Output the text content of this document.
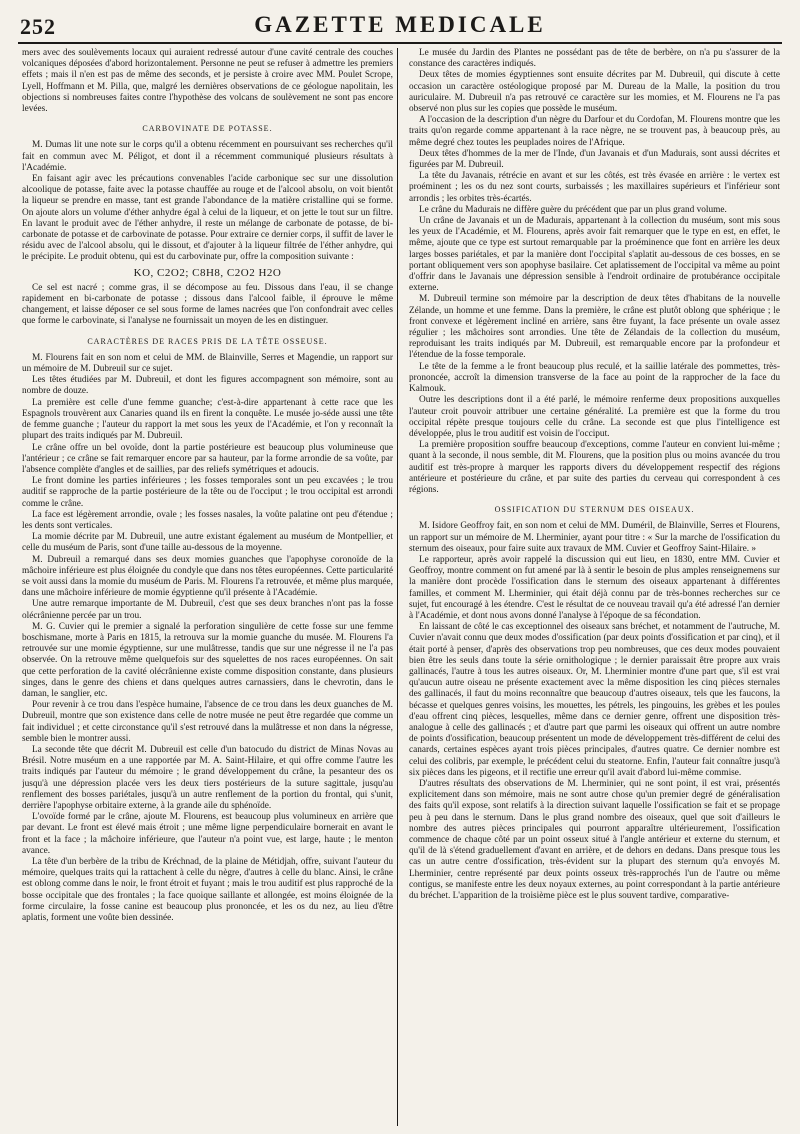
252	GAZETTE MEDICALE

mers avec des soulèvements locaux qui auraient redressé autour d'une cavité centrale des couches volcaniques déposées d'abord horizontalement. Personne ne peut se refuser à admettre les premiers effets ; mais il n'en est pas de même des seconds, et je persiste à croire avec MM. Poulet Scrope, Lyell, Hoffmann et M. Pilla, que, malgré les dernières observations de ce géologue napolitain, les objections si nombreuses faites contre l'hypothèse des volcans de soulèvement ne sont pas encore levées.

CARBOVINATE DE POTASSE.

M. Dumas lit une note sur le corps qu'il a obtenu récemment en poursuivant ses recherches qu'il fait en commun avec M. Péligot, et dont il a récemment communiqué plusieurs résultats à l'Académie.

En faisant agir avec les précautions convenables l'acide carbonique sec sur une dissolution alcoolique de potasse, faite avec la potasse chauffée au rouge et de l'alcool absolu, on voit bientôt la liqueur se prendre en masse, tant est grande l'abondance de la matière cristalline qui se forme. On ajoute alors un volume d'éther anhydre égal à celui de la liqueur, et on jette le tout sur un filtre. En lavant le produit avec de l'éther anhydre, il reste un mélange de carbonate de potasse, de bi-carbonate de potasse et de carbovinate de potasse. Pour extraire ce dernier corps, il suffit de laver le résidu avec de l'alcool absolu, qui le dissout, et d'ajouter à la liqueur filtrée de l'éther anhydre, qui le précipite. Le produit obtenu, qui est du carbovinate pur, offre la composition suivante :

KO, C2O2; C8H8, C2O2 H2O

Ce sel est nacré ; comme gras, il se décompose au feu. Dissous dans l'eau, il se change rapidement en bi-carbonate de potasse ; dissous dans l'alcool faible, il éprouve le même changement, et laisse déposer ce sel sous forme de lames nacrées que l'on confondrait avec celles que forme le carbovinate, si l'analyse ne fournissait un moyen de les en distinguer.

CARACTÈRES DE RACES PRIS DE LA TÊTE OSSEUSE.

M. Flourens fait en son nom et celui de MM. de Blainville, Serres et Magendie, un rapport sur un mémoire de M. Dubreuil sur ce sujet.

Les têtes étudiées par M. Dubreuil, et dont les figures accompagnent son mémoire, sont au nombre de douze.

La première est celle d'une femme guanche; c'est-à-dire appartenant à cette race que les Espagnols trouvèrent aux Canaries quand ils en firent la conquête. Le musée jo-séde aussi une tête de femme guanche ; l'auteur du rapport la met sous les yeux de l'Académie, et l'on y reconnaît la plupart des traits indiqués par M. Dubreuil.

Le crâne offre un bel ovoïde, dont la partie postérieure est beaucoup plus volumineuse que l'antérieur ; ce crâne se fait remarquer encore par sa hauteur, par la forme arrondie de sa voûte, par l'absence complète d'angles et de saillies, par des reliefs symétriques et adoucis.

Le front domine les parties inférieures ; les fosses temporales sont un peu excavées ; le trou auditif se rapproche de la partie postérieure de la tête ou de l'occiput ; le trou occipital est arrondi comme le crâne.

La face est légèrement arrondie, ovale ; les fosses nasales, la voûte palatine ont peu d'étendue ; les dents sont verticales.

La momie décrite par M. Dubreuil, une autre existant également au muséum de Montpellier, et celle du muséum de Paris, sont d'une taille au-dessous de la moyenne.

M. Dubreuil a remarqué dans ses deux momies guanches que l'apophyse coronoïde de la mâchoire inférieure est plus éloignée du condyle que dans nos têtes européennes. Cette particularité se voit aussi dans la momie du muséum de Paris. M. Flourens l'a retrouvée, et même plus marquée, dans une mâchoire inférieure de momie égyptienne qu'il présente à l'Académie.

Une autre remarque importante de M. Dubreuil, c'est que ses deux branches n'ont pas la fosse olécrânienne percée par un trou.

M. G. Cuvier qui le premier a signalé la perforation singulière de cette fosse sur une femme boschismane, morte à Paris en 1815, la retrouva sur la momie guanche du musée. M. Flourens l'a retrouvée sur une momie égyptienne, sur une mulâtresse, tandis que sur une négresse il ne l'a pas observée. On la retrouve même quelquefois sur des squelettes de nos races européennes. On sait que cette perforation de la cavité olécrânienne existe comme disposition constante, dans plusieurs singes, dans le genre des chiens et dans quelques autres carnassiers, dans le chevrotin, dans le daman, le sanglier, etc.

Pour revenir à ce trou dans l'espèce humaine, l'absence de ce trou dans les deux guanches de M. Dubreuil, montre que son existence dans celle de notre musée ne peut être regardée que comme un fait individuel ; et cette circonstance qu'il s'est retrouvé dans la mulâtresse et non dans la négresse, semble bien le montrer aussi.

La seconde tête que décrit M. Dubreuil est celle d'un batocudo du district de Minas Novas au Brésil. Notre muséum en a une rapportée par M. A. Saint-Hilaire, et qui offre comme l'autre les traits indiqués par l'auteur du mémoire ; le grand développement du crâne, la pesanteur des os jusqu'à une dépression placée vers les deux tiers postérieurs de la suture sagittale, jusqu'au renflement des bosses pariétales, jusqu'à un autre renflement de la portion du frontal, qui s'unit, derrière l'apophyse orbitaire externe, à la grande aile du sphénoïde.

L'ovoïde formé par le crâne, ajoute M. Flourens, est beaucoup plus volumineux en arrière que par devant. Le front est élevé mais étroit ; une même ligne perpendiculaire bornerait en avant le front et la face ; la mâchoire inférieure, que l'auteur n'a point vue, est large, haute ; le menton avance.

La tête d'un berbère de la tribu de Kréchnad, de la plaine de Métidjah, offre, suivant l'auteur du mémoire, quelques traits qui la rattachent à celle du nègre, d'autres à celle du blanc. Ainsi, le crâne est oblong comme dans le noir, le front étroit et fuyant ; mais le trou auditif est plus rapproché de la bosse occipitale que des frontales ; la face quoique saillante et allongée, est moins éloignée de la forme circulaire, la fosse canine est beaucoup plus prononcée, et les os du nez, au lieu d'être aplatis, forment une voûte bien dessinée.

Le musée du Jardin des Plantes ne possédant pas de tête de berbère, on n'a pu s'assurer de la constance des caractères indiqués.

Deux têtes de momies égyptiennes sont ensuite décrites par M. Dubreuil, qui discute à cette occasion un caractère ostéologique proposé par M. Dureau de la Malle, la position du trou auriculaire. M. Dubreuil n'a pas retrouvé ce caractère sur les momies, et M. Flourens ne l'a pas observé non plus sur les copies que possède le muséum.

A l'occasion de la description d'un nègre du Darfour et du Cordofan, M. Flourens montre que les traits qu'on regarde comme appartenant à la race nègre, ne se trouvent pas, à beaucoup près, au même degré chez toutes les peuplades noires de l'Afrique.

Deux têtes d'hommes de la mer de l'Inde, d'un Javanais et d'un Madurais, sont aussi décrites et figurées par M. Dubreuil.

La tête du Javanais, rétrécie en avant et sur les côtés, est très évasée en arrière : le vertex est proéminent ; les os du nez sont courts, surbaissés ; les maxillaires supérieurs et l'inférieur sont arrondis ; les orbites très-écartés.

Le crâne du Madurais ne diffère guère du précédent que par un plus grand volume.

Un crâne de Javanais et un de Madurais, appartenant à la collection du muséum, sont mis sous les yeux de l'Académie, et M. Flourens, après avoir fait remarquer que le type en est, en effet, le même, ajoute que ce type est surtout remarquable par la proéminence que font en arrière les deux larges bosses pariétales, et par la manière dont l'occipital s'aplatit au-dessous de ces bosses, en se portant obliquement vers son apophyse basilaire. Cet aplatissement de l'occipital va même au point d'offrir dans le Javanais une dépression sensible à l'endroit ordinaire de protubérance occipitale externe.

M. Dubreuil termine son mémoire par la description de deux têtes d'habitans de la nouvelle Zélande, un homme et une femme. Dans la première, le crâne est plutôt oblong que sphérique ; le front convexe et légèrement incliné en arrière, sans être fuyant, la face présente un ovale assez régulier ; les mâchoires sont arrondies. Une tête de Zélandais de la collection du muséum, reproduisant les traits indiqués par M. Dubreuil, est remarquable encore par la profondeur et l'étendue de la fosse temporale.

Le tête de la femme a le front beaucoup plus reculé, et la saillie latérale des pommettes, très-prononcée, accroît la dimension transverse de la face au point de la rapprocher de la face du Kalmouk.

Outre les descriptions dont il a été parlé, le mémoire renferme deux propositions auxquelles l'auteur croit pouvoir attribuer une certaine généralité. La première est que la forme du trou occipital répète presque toujours celle du crâne. La seconde est que plus l'intelligence est développée, plus le trou auditif est voisin de l'occiput.

La première proposition souffre beaucoup d'exceptions, comme l'auteur en convient lui-même ; quant à la seconde, il nous semble, dit M. Flourens, que la position plus ou moins avancée du trou auditif est très-propre à marquer les rapports divers du développement respectif des régions antérieure et postérieure du crâne, et par suite des parties du cerveau qui correspondent à ces régions.

OSSIFICATION DU STERNUM DES OISEAUX.

M. Isidore Geoffroy fait, en son nom et celui de MM. Duméril, de Blainville, Serres et Flourens, un rapport sur un mémoire de M. Lherminier, ayant pour titre : « Sur la marche de l'ossification du sternum des oiseaux, pour faire suite aux travaux de MM. Cuvier et Geoffroy Saint-Hilaire. »

Le rapporteur, après avoir rappelé la discussion qui eut lieu, en 1830, entre MM. Cuvier et Geoffroy, montre comment on fut amené par là à sentir le besoin de plus amples renseignemens sur la manière dont procède l'ossification dans le sternum des oiseaux appartenant à différentes familles, et comment M. Lherminier, qui était déjà connu par de très-bonnes recherches sur ce sujet, fut encouragé à les étendre. C'est le résultat de ce nouveau travail qu'a été adressé l'an dernier à l'Académie, et dont nous avons donné l'analyse à l'époque de sa fécondation.

En laissant de côté le cas exceptionnel des oiseaux sans bréchet, et notamment de l'autruche, M. Cuvier n'avait connu que deux modes d'ossification (par deux points d'ossification et par cinq), et il était porté à penser, d'après des observations trop peu nombreuses, que ces deux modes pouvaient bien être les seuls dans toute la série ornithologique ; le dernier paraissait être propre aux vrais gallinacés, l'autre à tous les autres oiseaux. Or, M. Lherminier montre d'une part que, s'il est vrai qu'aucun autre oiseau ne présente exactement avec la même disposition les cinq pièces sternales des gallinacés, il faut du moins reconnaître que beaucoup d'autres oiseaux, tels que les faucons, la bécasse et quelques genres voisins, les mouettes, les pétrels, les pingouins, les grèbes et les poules d'eau offrent cinq pièces, lesquelles, même dans ce dernier genre, offrent une disposition très-analogue à celle des gallinacés ; et d'autre part que parmi les oiseaux qui offrent un autre nombre de points d'ossification, beaucoup présentent un mode de développement très-différent de celui des canards, certaines espèces ayant trois pièces principales, d'autres quatre. Ce dernier nombre est celui des colibris, par exemple, le précédent celui du steatorne. Enfin, l'auteur fait connaître jusqu'à six pièces dans les pigeons, et il rectifie une erreur qu'il avait d'abord lui-même commise.

D'autres résultats des observations de M. Lherminier, qui ne sont point, il est vrai, présentés explicitement dans son mémoire, mais ne sont autre chose qu'un premier degré de généralisation des faits qu'il expose, sont relatifs à la direction suivant laquelle l'ossification se fait et se propage peu à peu dans le sternum. Dans le plus grand nombre des oiseaux, quel que soit d'ailleurs le nombre des autres pièces principales qui pourront apparaître ultérieurement, l'ossification commence de chaque côté par un point osseux situé à l'angle antérieur et externe du sternum, et qu'il de là s'étend graduellement d'avant en arrière, et de dehors en dedans. Dans presque tous les cas un autre centre d'ossification, très-évident sur la plupart des sternum qu'a envoyés M. Lherminier, centre représenté par deux points osseux très-rapprochés l'un de l'autre ou même contigus, se manifeste entre les deux noyaux externes, au point correspondant à la partie antérieure du bréchet. L'apparition de la troisième pièce est le plus souvent tardive, comparative-
